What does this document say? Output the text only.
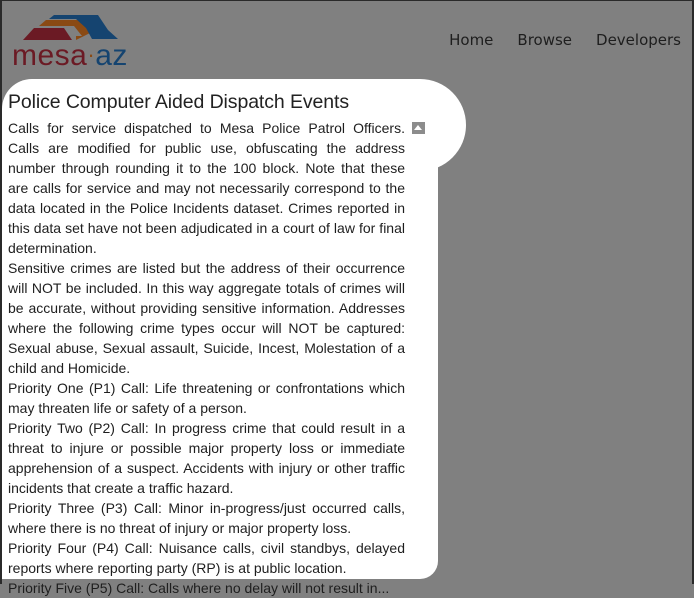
mesa·az	Home Browse Developers
Police Computer Aided Dispatch Events

Calls for service dispatched to Mesa Police Patrol Officers. Calls are modified for public use, obfuscating the address number through rounding it to the 100 block. Note that these are calls for service and may not necessarily correspond to the data located in the Police Incidents dataset. Crimes reported in this data set have not been adjudicated in a court of law for final determination.

Sensitive crimes are listed but the address of their occurrence will NOT be included. In this way aggregate totals of crimes will be accurate, without providing sensitive information. Addresses where the following crime types occur will NOT be captured: Sexual abuse, Sexual assault, Suicide, Incest, Molestation of a child and Homicide.

Priority One (P1) Call: Life threatening or confrontations which may threaten life or safety of a person.

Priority Two (P2) Call: In progress crime that could result in a threat to injure or possible major property loss or immediate apprehension of a suspect. Accidents with injury or other traffic incidents that create a traffic hazard.

Priority Three (P3) Call: Minor in-progress/just occurred calls, where there is no threat of injury or major property loss.

Priority Four (P4) Call: Nuisance calls, civil standbys, delayed reports where reporting party (RP) is at public location.

Priority Five (P5) Call: Calls where no delay will not result in...
